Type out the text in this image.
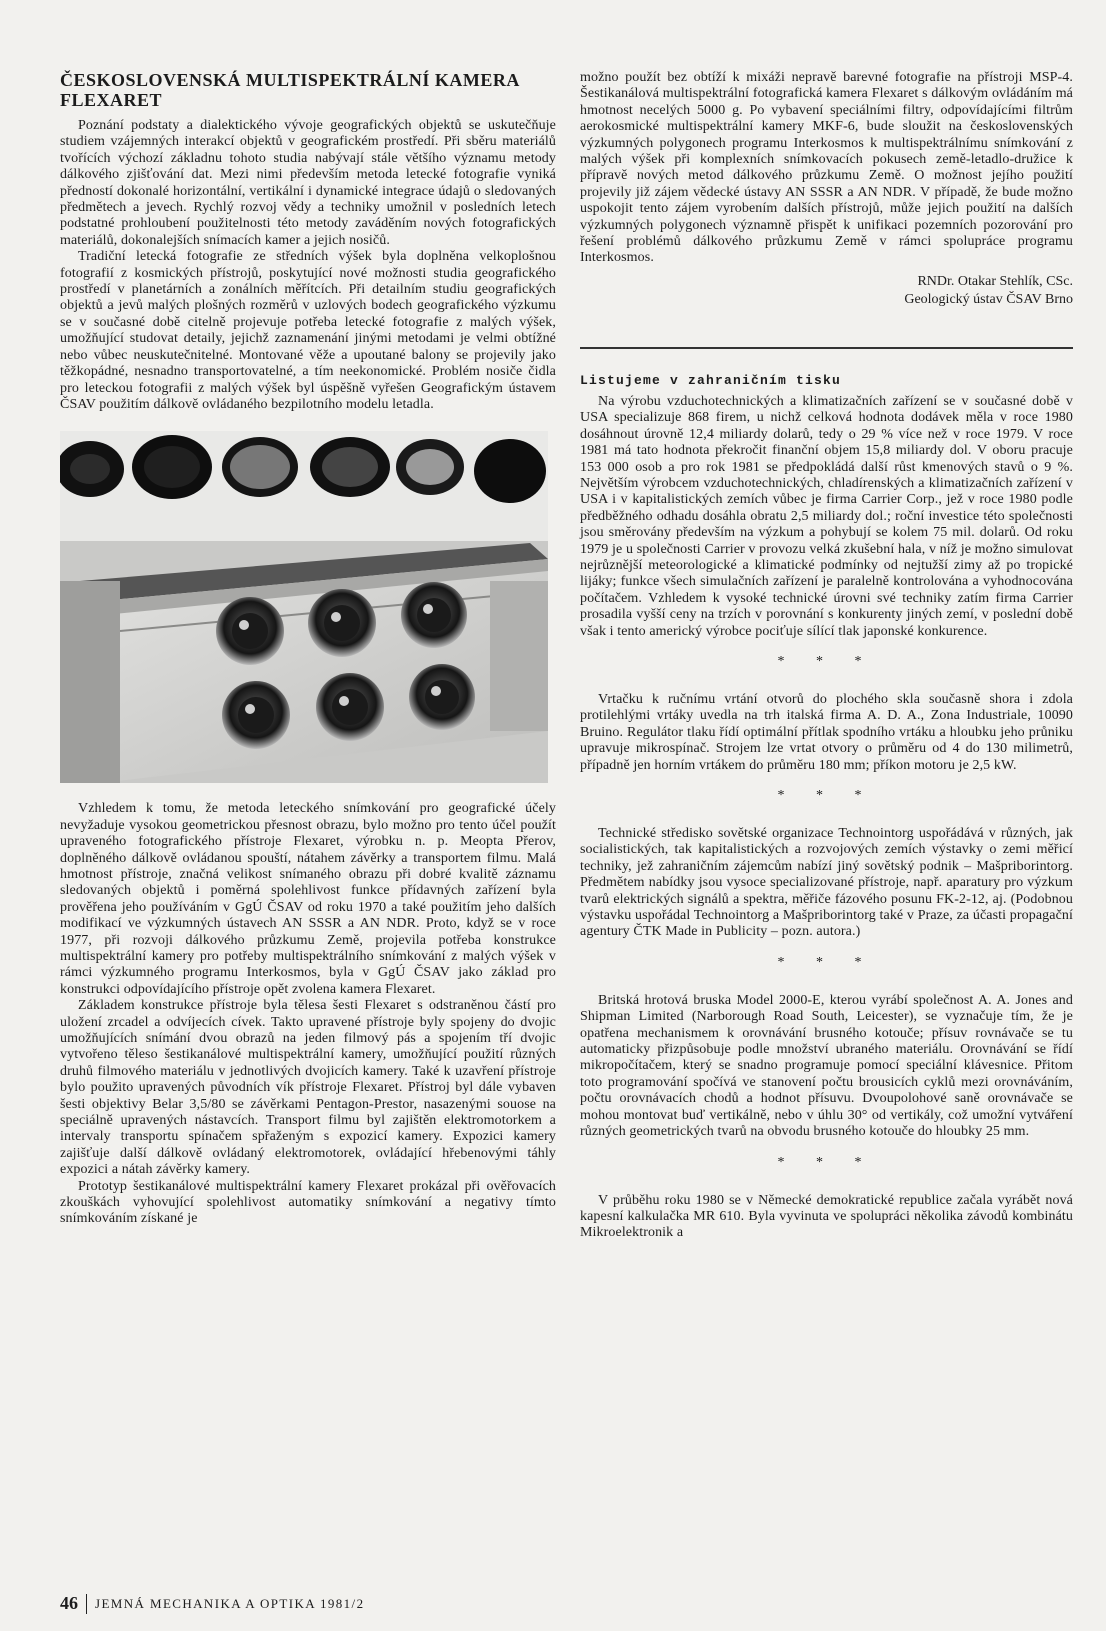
ČESKOSLOVENSKÁ MULTISPEKTRÁLNÍ KAMERA FLEXARET

Poznání podstaty a dialektického vývoje geografických objektů se uskutečňuje studiem vzájemných interakcí objektů v geografickém prostředí. Při sběru materiálů tvořících výchozí základnu tohoto studia nabývají stále většího významu metody dálkového zjišťování dat. Mezi nimi především metoda letecké fotografie vyniká předností dokonalé horizontální, vertikální i dynamické integrace údajů o sledovaných předmětech a jevech. Rychlý rozvoj vědy a techniky umožnil v posledních letech podstatné prohloubení použitelnosti této metody zaváděním nových fotografických materiálů, dokonalejších snímacích kamer a jejich nosičů.

Tradiční letecká fotografie ze středních výšek byla doplněna velkoplošnou fotografií z kosmických přístrojů, poskytující nové možnosti studia geografického prostředí v planetárních a zonálních měřítcích. Při detailním studiu geografických objektů a jevů malých plošných rozměrů v uzlových bodech geografického výzkumu se v současné době citelně projevuje potřeba letecké fotografie z malých výšek, umožňující studovat detaily, jejichž zaznamenání jinými metodami je velmi obtížné nebo vůbec neuskutečnitelné. Montované věže a upoutané balony se projevily jako těžkopádné, nesnadno transportovatelné, a tím neekonomické. Problém nosiče čidla pro leteckou fotografii z malých výšek byl úspěšně vyřešen Geografickým ústavem ČSAV použitím dálkově ovládaného bezpilotního modelu letadla.

Vzhledem k tomu, že metoda leteckého snímkování pro geografické účely nevyžaduje vysokou geometrickou přesnost obrazu, bylo možno pro tento účel použít upraveného fotografického přístroje Flexaret, výrobku n. p. Meopta Přerov, doplněného dálkově ovládanou spouští, nátahem závěrky a transportem filmu. Malá hmotnost přístroje, značná velikost snímaného obrazu při dobré kvalitě záznamu sledovaných objektů i poměrná spolehlivost funkce přídavných zařízení byla prověřena jeho používáním v GgÚ ČSAV od roku 1970 a také použitím jeho dalších modifikací ve výzkumných ústavech AN SSSR a AN NDR. Proto, když se v roce 1977, při rozvoji dálkového průzkumu Země, projevila potřeba konstrukce multispektrální kamery pro potřeby multispektrálního snímkování z malých výšek v rámci výzkumného programu Interkosmos, byla v GgÚ ČSAV jako základ pro konstrukci odpovídajícího přístroje opět zvolena kamera Flexaret.

Základem konstrukce přístroje byla tělesa šesti Flexaret s odstraněnou částí pro uložení zrcadel a odvíjecích cívek. Takto upravené přístroje byly spojeny do dvojic umožňujících snímání dvou obrazů na jeden filmový pás a spojením tří dvojic vytvořeno těleso šestikanálové multispektrální kamery, umožňující použití různých druhů filmového materiálu v jednotlivých dvojicích kamery. Také k uzavření přístroje bylo použito upravených původních vík přístroje Flexaret. Přístroj byl dále vybaven šesti objektivy Belar 3,5/80 se závěrkami Pentagon-Prestor, nasazenými souose na speciálně upravených nástavcích. Transport filmu byl zajištěn elektromotorkem a intervaly transportu spínačem spřaženým s expozicí kamery. Expozici kamery zajišťuje další dálkově ovládaný elektromotorek, ovládající hřebenovými táhly expozici a nátah závěrky kamery.

Prototyp šestikanálové multispektrální kamery Flexaret prokázal při ověřovacích zkouškách vyhovující spolehlivost automatiky snímkování a negativy tímto snímkováním získané je

možno použít bez obtíží k mixáži nepravě barevné fotografie na přístroji MSP-4. Šestikanálová multispektrální fotografická kamera Flexaret s dálkovým ovládáním má hmotnost necelých 5000 g. Po vybavení speciálními filtry, odpovídajícími filtrům aerokosmické multispektrální kamery MKF-6, bude sloužit na československých výzkumných polygonech programu Interkosmos k multispektrálnímu snímkování z malých výšek při komplexních snímkovacích pokusech země-letadlo-družice k přípravě nových metod dálkového průzkumu Země. O možnost jejího použití projevily již zájem vědecké ústavy AN SSSR a AN NDR. V případě, že bude možno uspokojit tento zájem vyrobením dalších přístrojů, může jejich použití na dalších výzkumných polygonech významně přispět k unifikaci pozemních pozorování pro řešení problémů dálkového průzkumu Země v rámci spolupráce programu Interkosmos.

RNDr. Otakar Stehlík, CSc.
Geologický ústav ČSAV Brno
Listujeme v zahraničním tisku

Na výrobu vzduchotechnických a klimatizačních zařízení se v současné době v USA specializuje 868 firem, u nichž celková hodnota dodávek měla v roce 1980 dosáhnout úrovně 12,4 miliardy dolarů, tedy o 29 % více než v roce 1979. V roce 1981 má tato hodnota překročit finanční objem 15,8 miliardy dol. V oboru pracuje 153 000 osob a pro rok 1981 se předpokládá další růst kmenových stavů o 9 %. Největším výrobcem vzduchotechnických, chladírenských a klimatizačních zařízení v USA i v kapitalistických zemích vůbec je firma Carrier Corp., jež v roce 1980 podle předběžného odhadu dosáhla obratu 2,5 miliardy dol.; roční investice této společnosti jsou směrovány především na výzkum a pohybují se kolem 75 mil. dolarů. Od roku 1979 je u společnosti Carrier v provozu velká zkušební hala, v níž je možno simulovat nejrůznější meteorologické a klimatické podmínky od nejtužší zimy až po tropické lijáky; funkce všech simulačních zařízení je paralelně kontrolována a vyhodnocována počítačem. Vzhledem k vysoké technické úrovni své techniky zatím firma Carrier prosadila vyšší ceny na trzích v porovnání s konkurenty jiných zemí, v poslední době však i tento americký výrobce pociťuje sílící tlak japonské konkurence.

* * *

Vrtačku k ručnímu vrtání otvorů do plochého skla současně shora i zdola protilehlými vrtáky uvedla na trh italská firma A. D. A., Zona Industriale, 10090 Bruino. Regulátor tlaku řídí optimální přítlak spodního vrtáku a hloubku jeho průniku upravuje mikrospínač. Strojem lze vrtat otvory o průměru od 4 do 130 milimetrů, případně jen horním vrtákem do průměru 180 mm; příkon motoru je 2,5 kW.

* * *

Technické středisko sovětské organizace Technointorg uspořádává v různých, jak socialistických, tak kapitalistických a rozvojových zemích výstavky o zemi měřicí techniky, jež zahraničním zájemcům nabízí jiný sovětský podnik – Mašpriborintorg. Předmětem nabídky jsou vysoce specializované přístroje, např. aparatury pro výzkum tvarů elektrických signálů a spektra, měřiče fázového posunu FK-2-12, aj. (Podobnou výstavku uspořádal Technointorg a Mašpriborintorg také v Praze, za účasti propagační agentury ČTK Made in Publicity – pozn. autora.)

* * *

Britská hrotová bruska Model 2000-E, kterou vyrábí společnost A. A. Jones and Shipman Limited (Narborough Road South, Leicester), se vyznačuje tím, že je opatřena mechanismem k orovnávání brusného kotouče; přísuv rovnávače se tu automaticky přizpůsobuje podle množství ubraného materiálu. Orovnávání se řídí mikropočítačem, který se snadno programuje pomocí speciální klávesnice. Přitom toto programování spočívá ve stanovení počtu brousicích cyklů mezi orovnáváním, počtu orovnávacích chodů a hodnot přísuvu. Dvoupolohové saně orovnávače se mohou montovat buď vertikálně, nebo v úhlu 30° od vertikály, což umožní vytváření různých geometrických tvarů na obvodu brusného kotouče do hloubky 25 mm.

* * *

V průběhu roku 1980 se v Německé demokratické republice začala vyrábět nová kapesní kalkulačka MR 610. Byla vyvinuta ve spolupráci několika závodů kombinátu Mikroelektronik a

46 JEMNÁ MECHANIKA A OPTIKA 1981/2
